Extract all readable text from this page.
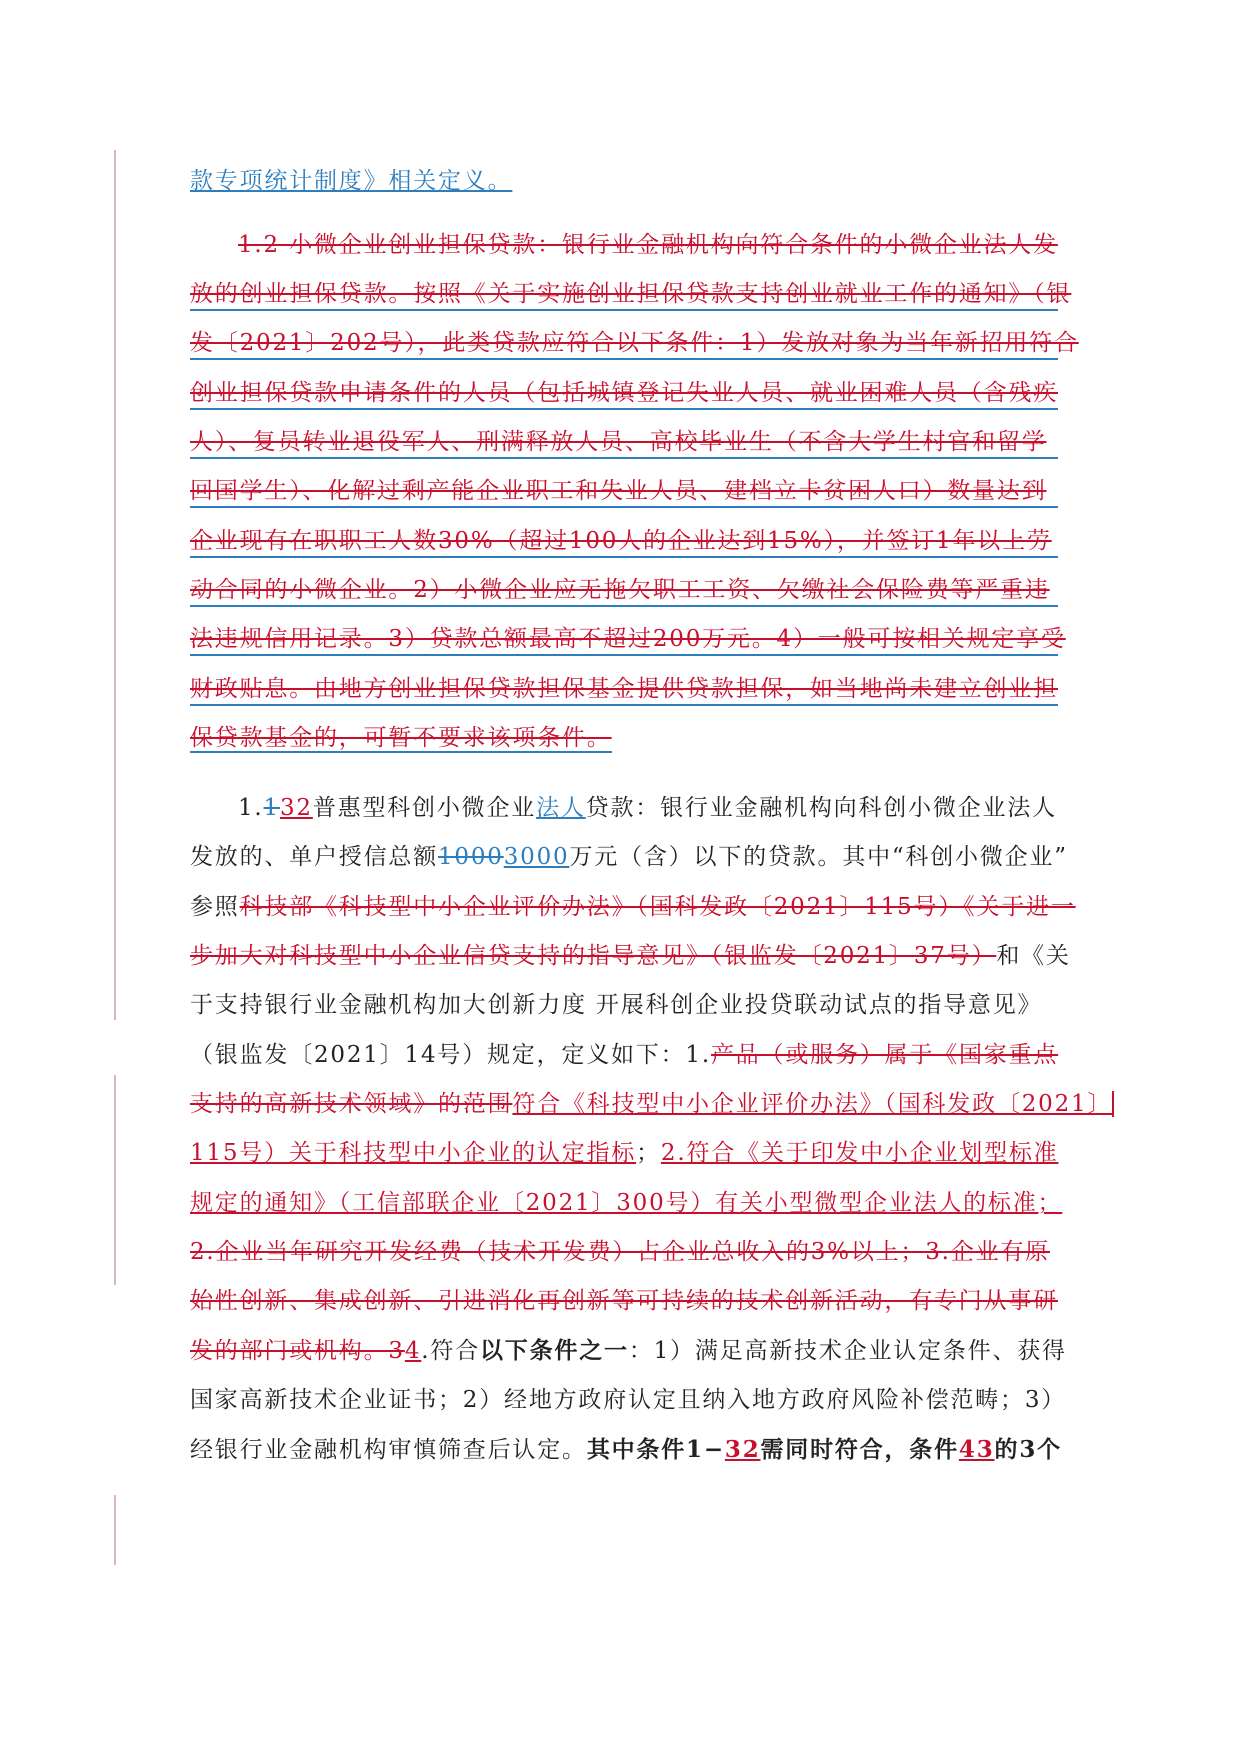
款专项统计制度》相关定义。
1.2 小微企业创业担保贷款：银行业金融机构向符合条件的小微企业法人发
放的创业担保贷款。按照《关于实施创业担保贷款支持创业就业工作的通知》（银
发〔2021〕202号），此类贷款应符合以下条件：1）发放对象为当年新招用符合
创业担保贷款申请条件的人员（包括城镇登记失业人员、就业困难人员（含残疾
人）、复员转业退役军人、刑满释放人员、高校毕业生（不含大学生村官和留学
回国学生）、化解过剩产能企业职工和失业人员、建档立卡贫困人口）数量达到
企业现有在职职工人数30%（超过100人的企业达到15%），并签订1年以上劳
动合同的小微企业。2）小微企业应无拖欠职工工资、欠缴社会保险费等严重违
法违规信用记录。3）贷款总额最高不超过200万元。4）一般可按相关规定享受
财政贴息。由地方创业担保贷款担保基金提供贷款担保，如当地尚未建立创业担
保贷款基金的，可暂不要求该项条件。
1.132普惠型科创小微企业法人贷款：银行业金融机构向科创小微企业法人
发放的、单户授信总额10003000万元（含）以下的贷款。其中“科创小微企业”
参照科技部《科技型中小企业评价办法》（国科发政〔2021〕115号）《关于进一
步加大对科技型中小企业信贷支持的指导意见》（银监发〔2021〕37号）和《关
于支持银行业金融机构加大创新力度 开展科创企业投贷联动试点的指导意见》
（银监发〔2021〕14号）规定，定义如下：1.产品（或服务）属于《国家重点
支持的高新技术领域》的范围符合《科技型中小企业评价办法》（国科发政〔2021〕
115号）关于科技型中小企业的认定指标；2.符合《关于印发中小企业划型标准
规定的通知》（工信部联企业〔2021〕300号）有关小型微型企业法人的标准；
2.企业当年研究开发经费（技术开发费）占企业总收入的3%以上；3.企业有原
始性创新、集成创新、引进消化再创新等可持续的技术创新活动，有专门从事研
发的部门或机构。34.符合以下条件之一：1）满足高新技术企业认定条件、获得
国家高新技术企业证书；2）经地方政府认定且纳入地方政府风险补偿范畴；3）
经银行业金融机构审慎筛查后认定。其中条件1−32需同时符合，条件43的3个
